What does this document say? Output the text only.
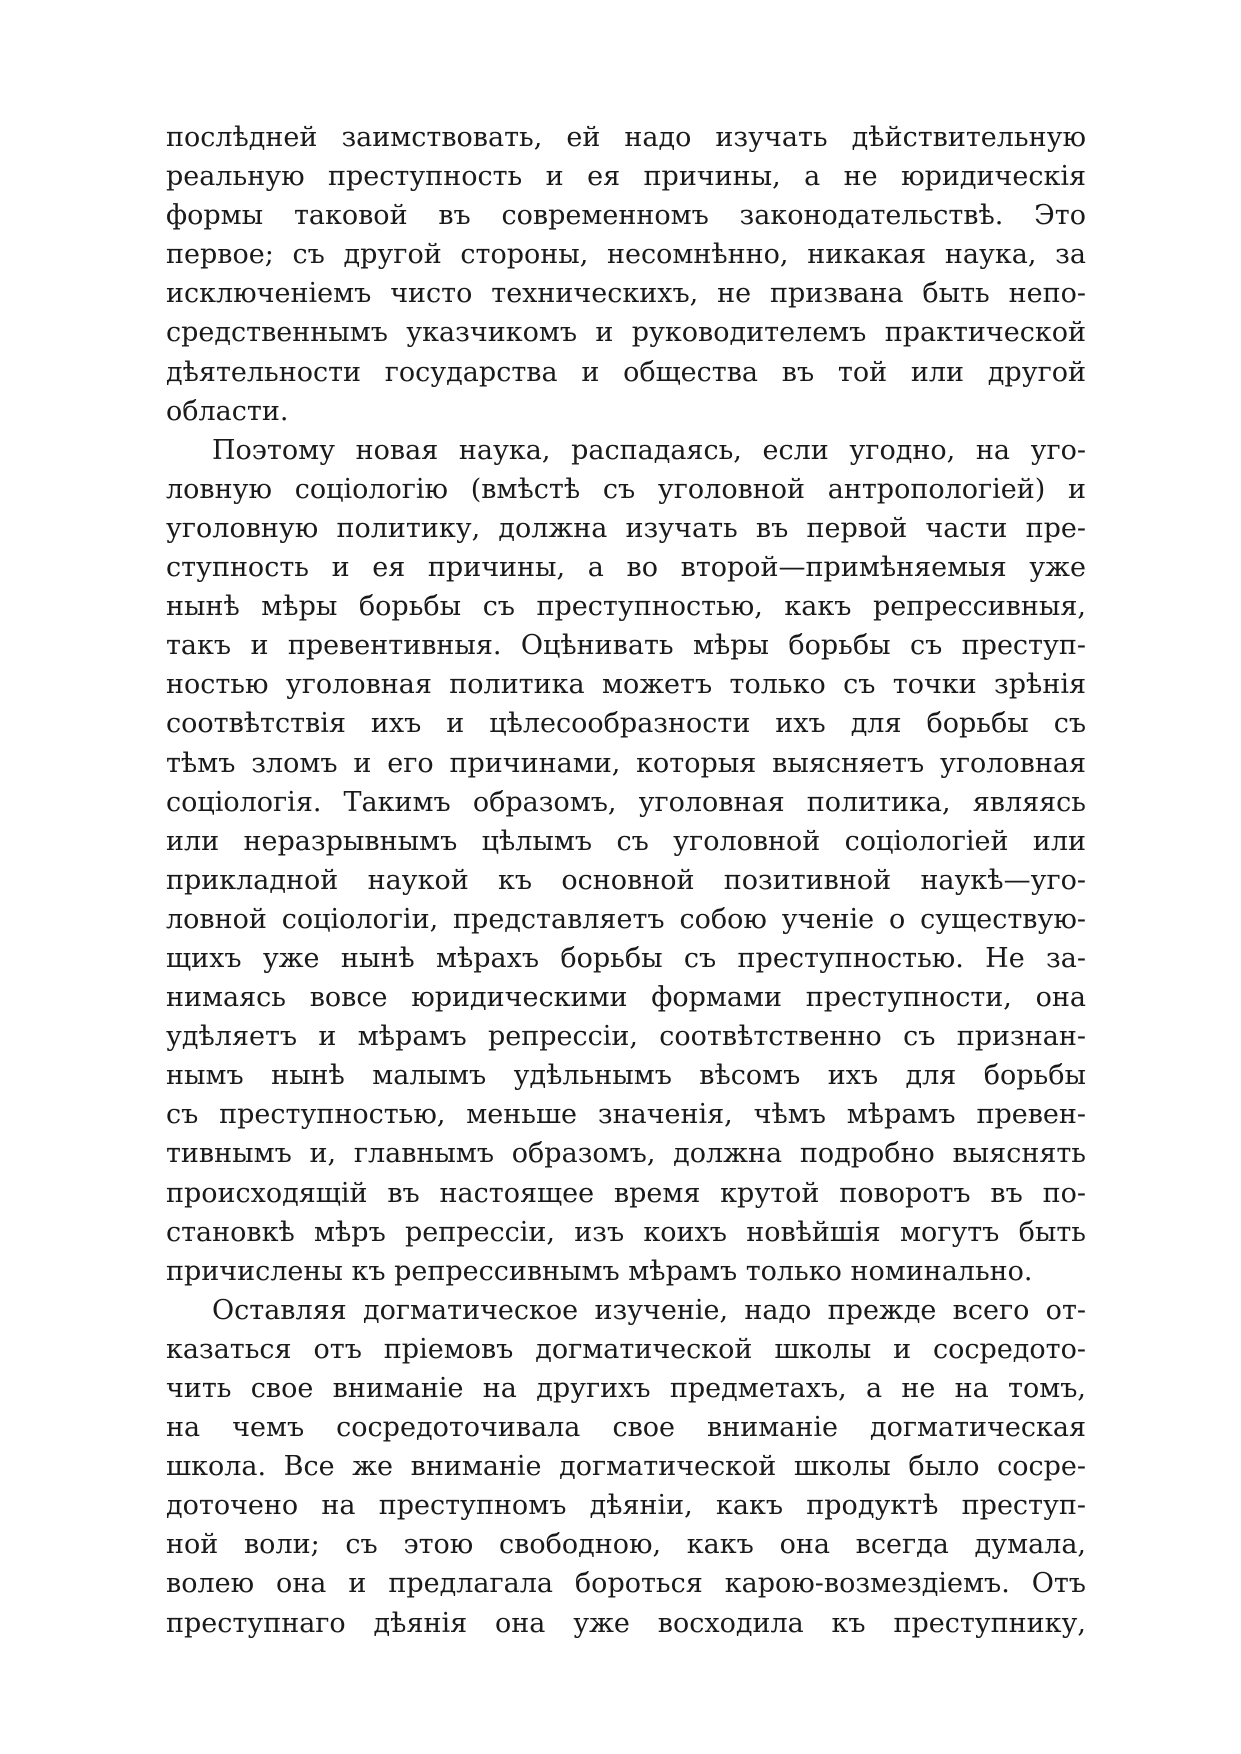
послѣдней заимствовать, ей надо изучать дѣйствительную
реальную преступность и ея причины, а не юридическія
формы таковой въ современномъ законодательствѣ. Это
первое; съ другой стороны, несомнѣнно, никакая наука, за
исключеніемъ чисто техническихъ, не призвана быть непо-
средственнымъ указчикомъ и руководителемъ практической
дѣятельности государства и общества въ той или другой
области.
Поэтому новая наука, распадаясь, если угодно, на уго-
ловную соціологію (вмѣстѣ съ уголовной антропологіей) и
уголовную политику, должна изучать въ первой части пре-
ступность и ея причины, а во второй—примѣняемыя уже
нынѣ мѣры борьбы съ преступностью, какъ репрессивныя,
такъ и превентивныя. Оцѣнивать мѣры борьбы съ преступ-
ностью уголовная политика можетъ только съ точки зрѣнія
соотвѣтствія ихъ и цѣлесообразности ихъ для борьбы съ
тѣмъ зломъ и его причинами, которыя выясняетъ уголовная
соціологія. Такимъ образомъ, уголовная политика, являясь
или неразрывнымъ цѣлымъ съ уголовной соціологіей или
прикладной наукой къ основной позитивной наукѣ—уго-
ловной соціологіи, представляетъ собою ученіе о существую-
щихъ уже нынѣ мѣрахъ борьбы съ преступностью. Не за-
нимаясь вовсе юридическими формами преступности, она
удѣляетъ и мѣрамъ репрессіи, соотвѣтственно съ признан-
нымъ нынѣ малымъ удѣльнымъ вѣсомъ ихъ для борьбы
съ преступностью, меньше значенія, чѣмъ мѣрамъ превен-
тивнымъ и, главнымъ образомъ, должна подробно выяснять
происходящій въ настоящее время крутой поворотъ въ по-
становкѣ мѣръ репрессіи, изъ коихъ новѣйшія могутъ быть
причислены къ репрессивнымъ мѣрамъ только номинально.
Оставляя догматическое изученіе, надо прежде всего от-
казаться отъ пріемовъ догматической школы и сосредото-
чить свое вниманіе на другихъ предметахъ, а не на томъ,
на чемъ сосредоточивала свое вниманіе догматическая
школа. Все же вниманіе догматической школы было сосре-
доточено на преступномъ дѣяніи, какъ продуктѣ преступ-
ной воли; съ этою свободною, какъ она всегда думала,
волею она и предлагала бороться карою-возмездіемъ. Отъ
преступнаго дѣянія она уже восходила къ преступнику,
